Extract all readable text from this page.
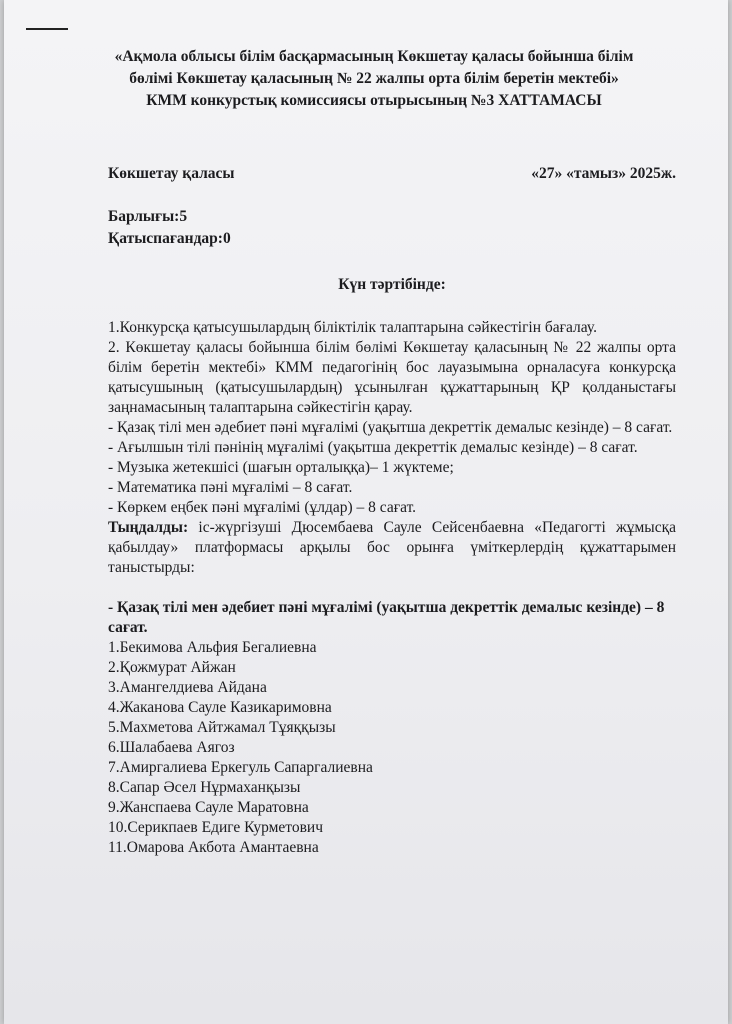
«Ақмола облысы білім басқармасының Көкшетау қаласы бойынша білім бөлімі Көкшетау қаласының № 22 жалпы орта білім беретін мектебі» КММ конкурстық комиссиясы отырысының №3 ХАТТАМАСЫ
Көкшетау қаласы	«27» «тамыз» 2025ж.
Барлығы:5
Қатыспағандар:0
Күн тәртібінде:

1.Конкурсқа қатысушылардың біліктілік талаптарына сәйкестігін бағалау.

2. Көкшетау қаласы бойынша білім бөлімі Көкшетау қаласының № 22 жалпы орта білім беретін мектебі» КММ педагогінің бос лауазымына орналасуға конкурсқа қатысушының (қатысушылардың) ұсынылған құжаттарының ҚР қолданыстағы заңнамасының талаптарына сәйкестігін қарау.

- Қазақ тілі мен әдебиет пәні мұғалімі (уақытша декреттік демалыс кезінде) – 8 сағат.

- Ағылшын тілі пәнінің мұғалімі (уақытша декреттік демалыс кезінде) – 8 сағат.

- Музыка жетекшісі (шағын орталыққа)– 1 жүктеме;

- Математика пәні мұғалімі – 8 сағат.

- Көркем еңбек пәні мұғалімі (ұлдар) – 8 сағат.

Тыңдалды: іс-жүргізуші Дюсембаева Сауле Сейсенбаевна «Педагогті жұмысқа қабылдау» платформасы арқылы бос орынға үміткерлердің құжаттарымен таныстырды:

- Қазақ тілі мен әдебиет пәні мұғалімі (уақытша декреттік демалыс кезінде) – 8 сағат.

1.Бекимова Альфия Бегалиевна
2.Қожмурат Айжан
3.Амангелдиева Айдана
4.Жаканова Сауле Казикаримовна
5.Махметова Айтжамал Тұяққызы
6.Шалабаева Аягоз
7.Амиргалиева Еркегуль Сапаргалиевна
8.Сапар Әсел Нұрмаханқызы
9.Жанспаева Сауле Маратовна
10.Серикпаев Едиге Курметович
11.Омарова Акбота Амантаевна
